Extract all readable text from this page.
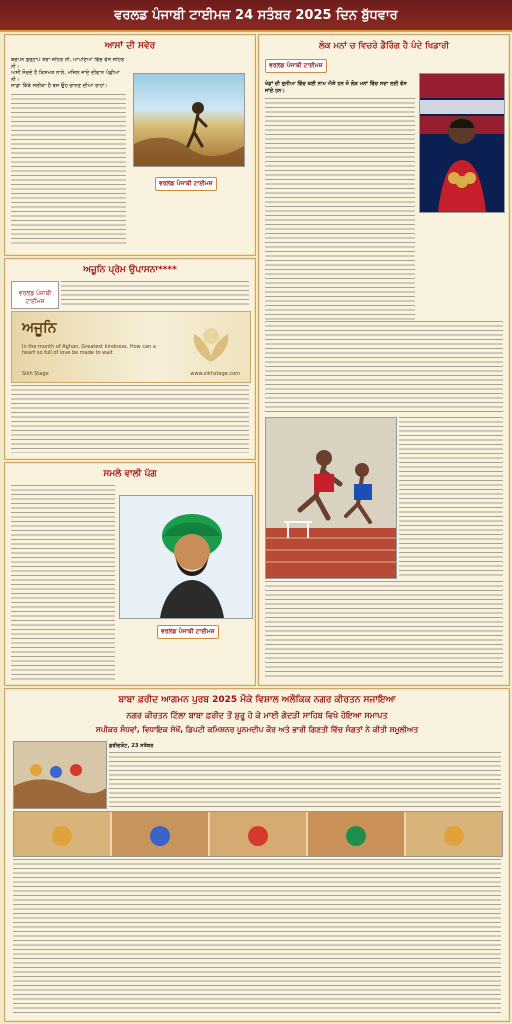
ਵਰਲਡ ਪੰਜਾਬੀ ਟਾਈਮਜ਼ 24 ਸਤੰਬਰ 2025 ਦਿਨ ਬੁੱਧਵਾਰ
ਆਸਾਂ ਦੀ ਸਵੇਰ
ਬਚਪਨ ਬੁਰ੍ਹਾਪੇ ਤੇਰਾ ਜ਼ਹਿਰ ਨੀ, ਆਪਣਿਆਂ ਵਿੱਚ ਵੱਸੇ ਜ਼ਹਿਰ ਨੀ।
ਅਸੀਂ ਸੋਚਦੇ ਹੈ ਕਿਸਮਤ ਨਾਲੇ, ਮਜ਼ਿਲ ਜਾਂਦੇ ਦੀਵਾਨ ਪੰਛੀਆਂ ਨੀ।
ਸਾਡਾ ਕਿੱਥੇ ਸਲੀਕਾ ਹੈ ਬਸ ਉਹ ਚਾਨਣ ਦੀਆਂ ਰਾਹਾਂ।
ਵਰਲਡ ਪੰਜਾਬੀ ਟਾਈਮਜ਼
ਅਜ਼ੂਨਿ ਪ੍ਰੇਮ ਉਪਾਸਨਾ****
ਵਰਲਡ ਪੰਜਾਬੀ ਟਾਈਮਜ਼
ਅਜੂਨਿ
In the month of Aghan, Greatest kindness. How can a heart so full of love be made to wait
Sikh Stage	www.sikhstage.com
ਸਮਲੇ ਵਾਲੀ ਪੱਗ
ਵਰਲਡ ਪੰਜਾਬੀ ਟਾਈਮਜ਼
ਲੋਕ ਮਨਾਂ ਚ ਵਿਚਰੇ ਡੈਰਿੰਗ ਹੈ ਪੰਦੇ ਖਿਡਾਰੀ
ਵਰਲਡ ਪੰਜਾਬੀ ਟਾਈਮਜ਼
ਖੇਡਾਂ ਦੀ ਦੁਨੀਆ ਵਿੱਚ ਕਈ ਨਾਮ ਐਸੇ ਹਨ ਜੋ ਲੋਕ ਮਨਾਂ ਵਿੱਚ ਸਦਾ ਲਈ ਵੱਸ ਜਾਂਦੇ ਹਨ।
ਬਾਬਾ ਫ਼ਰੀਦ ਆਗਮਨ ਪੁਰਬ 2025 ਮੌਕੇ ਵਿਸ਼ਾਲ ਅਲੌਕਿਕ ਨਗਰ ਕੀਰਤਨ ਸਜਾਇਆ
ਨਗਰ ਕੀਰਤਨ ਟਿੱਲਾ ਬਾਬਾ ਫ਼ਰੀਦ ਤੋਂ ਸ਼ੁਰੂ ਹੋ ਕੇ ਮਾਈ ਗੋਦੜੀ ਸਾਹਿਬ ਵਿਖੇ ਹੋਇਆ ਸਮਾਪਤ
ਸਪੀਕਰ ਸੰਧਵਾਂ, ਵਿਧਾਇਕ ਸੇਖੋਂ, ਡਿਪਟੀ ਕਮਿਸ਼ਨਰ ਪੂਨਮਦੀਪ ਕੌਰ ਅਤੇ ਭਾਰੀ ਗਿਣਤੀ ਵਿੱਚ ਸੰਗਤਾਂ ਨੇ ਕੀਤੀ ਸ਼ਮੂਲੀਅਤ
ਫ਼ਰੀਦਕੋਟ, 23 ਸਤੰਬਰ
